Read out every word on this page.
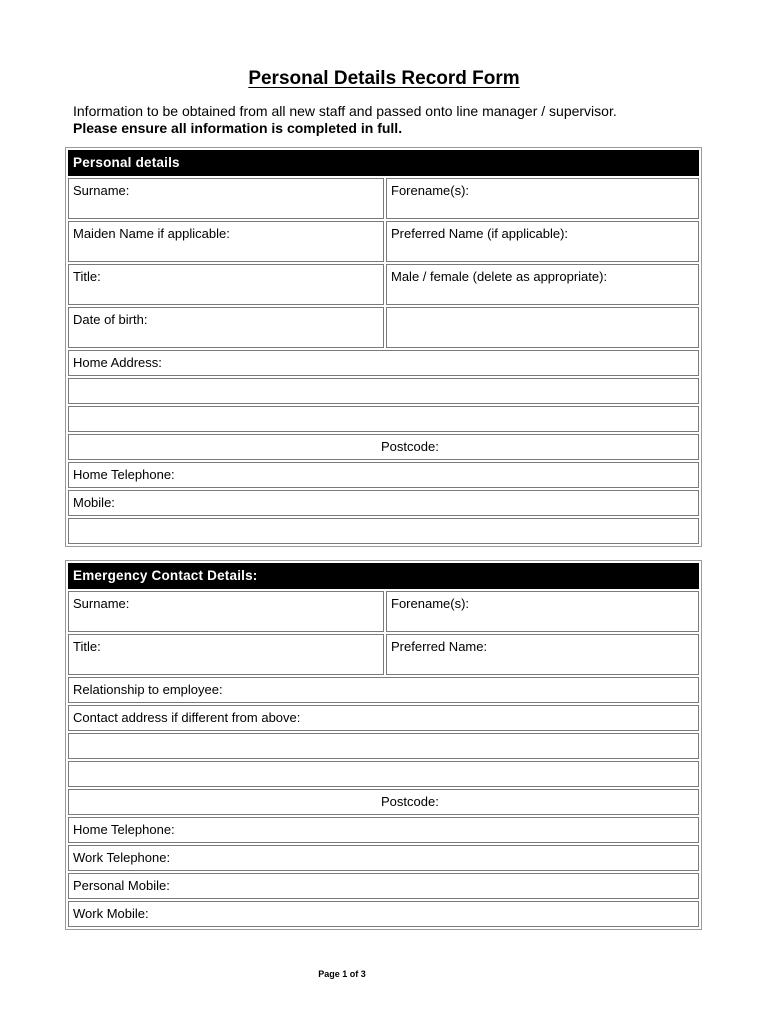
Personal Details Record Form
Information to be obtained from all new staff and passed onto line manager / supervisor.
Please ensure all information is completed in full.
Personal details
Surname:	Forename(s):
Maiden Name if applicable:	Preferred Name (if applicable):
Title:	Male / female (delete as appropriate):
Date of birth:
Home Address:
Postcode:
Home Telephone:
Mobile:
Emergency Contact Details:
Surname:	Forename(s):
Title:	Preferred Name:
Relationship to employee:
Contact address if different from above:
Postcode:
Home Telephone:
Work Telephone:
Personal Mobile:
Work Mobile:
Page 1 of 3
